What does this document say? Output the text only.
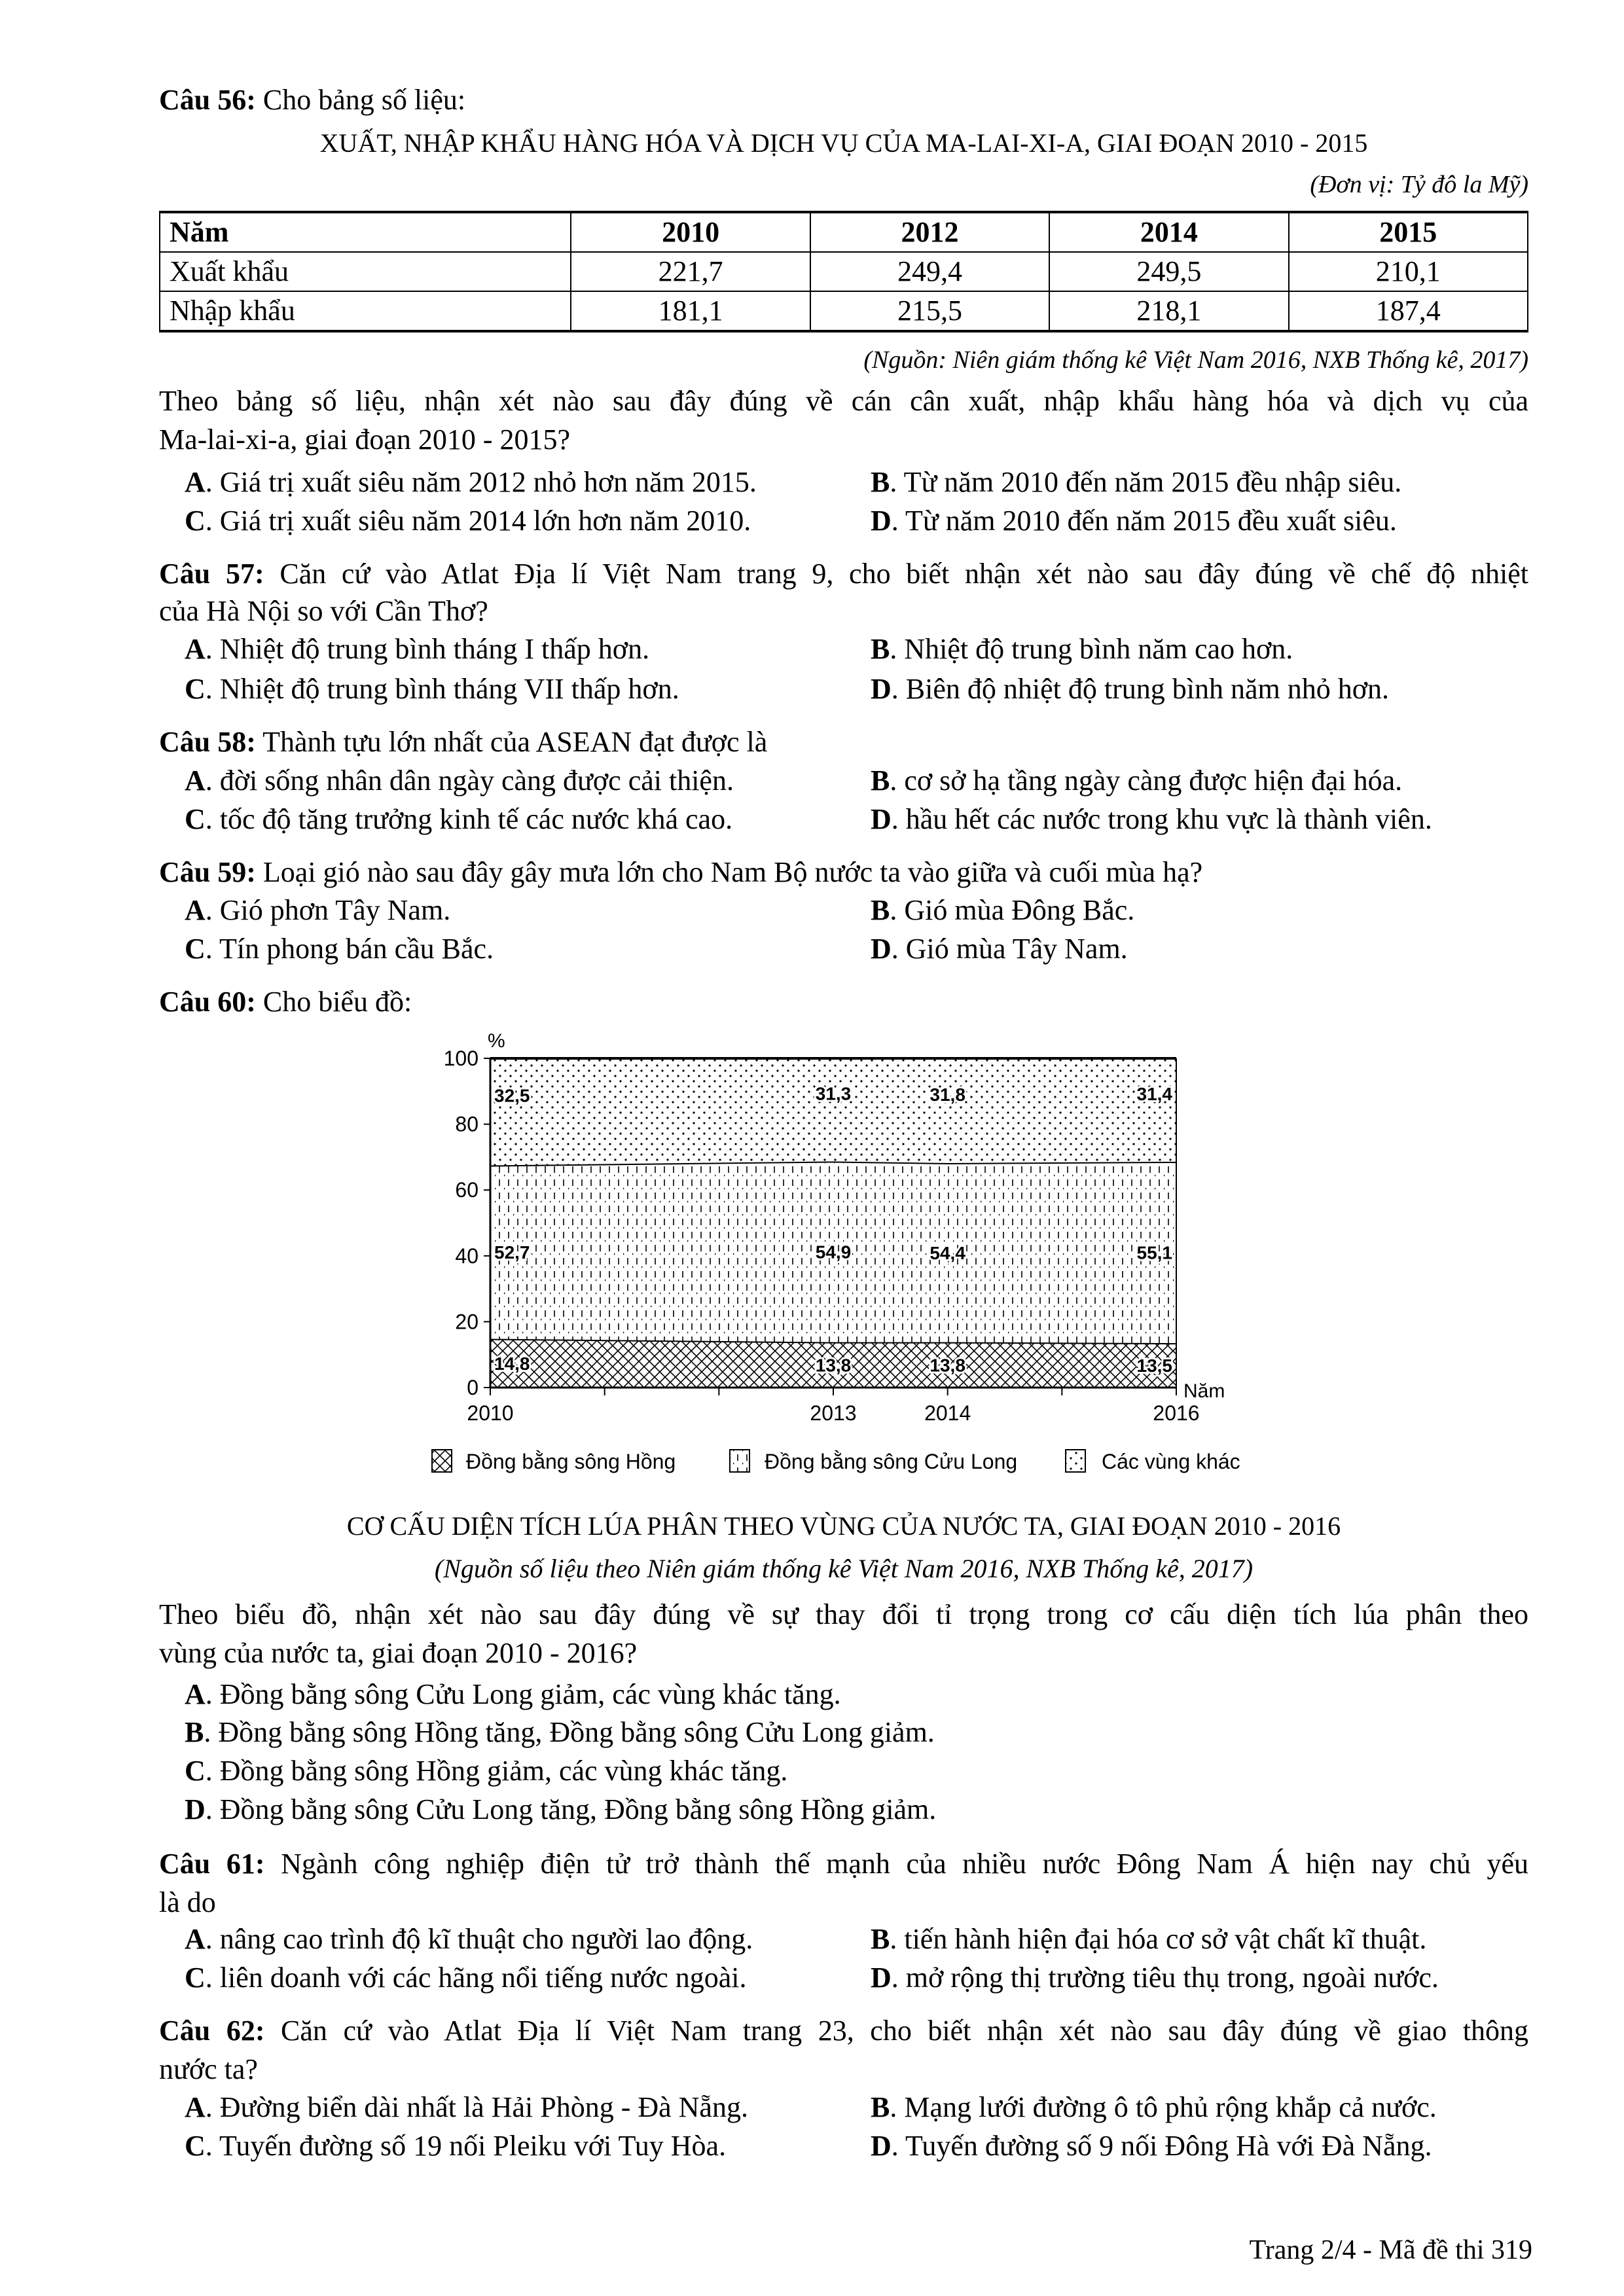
Câu 56: Cho bảng số liệu:
XUẤT, NHẬP KHẨU HÀNG HÓA VÀ DỊCH VỤ CỦA MA-LAI-XI-A, GIAI ĐOẠN 2010 - 2015
(Đơn vị: Tỷ đô la Mỹ)
Năm	2010	2012	2014	2015
Xuất khẩu	221,7	249,4	249,5	210,1
Nhập khẩu	181,1	215,5	218,1	187,4
(Nguồn: Niên giám thống kê Việt Nam 2016, NXB Thống kê, 2017)
Theo bảng số liệu, nhận xét nào sau đây đúng về cán cân xuất, nhập khẩu hàng hóa và dịch vụ của
Ma-lai-xi-a, giai đoạn 2010 - 2015?
A. Giá trị xuất siêu năm 2012 nhỏ hơn năm 2015.	B. Từ năm 2010 đến năm 2015 đều nhập siêu.
C. Giá trị xuất siêu năm 2014 lớn hơn năm 2010.	D. Từ năm 2010 đến năm 2015 đều xuất siêu.
Câu 57: Căn cứ vào Atlat Địa lí Việt Nam trang 9, cho biết nhận xét nào sau đây đúng về chế độ nhiệt
của Hà Nội so với Cần Thơ?
A. Nhiệt độ trung bình tháng I thấp hơn.	B. Nhiệt độ trung bình năm cao hơn.
C. Nhiệt độ trung bình tháng VII thấp hơn.	D. Biên độ nhiệt độ trung bình năm nhỏ hơn.
Câu 58: Thành tựu lớn nhất của ASEAN đạt được là
A. đời sống nhân dân ngày càng được cải thiện.	B. cơ sở hạ tầng ngày càng được hiện đại hóa.
C. tốc độ tăng trưởng kinh tế các nước khá cao.	D. hầu hết các nước trong khu vực là thành viên.
Câu 59: Loại gió nào sau đây gây mưa lớn cho Nam Bộ nước ta vào giữa và cuối mùa hạ?
A. Gió phơn Tây Nam.	B. Gió mùa Đông Bắc.
C. Tín phong bán cầu Bắc.	D. Gió mùa Tây Nam.
Câu 60: Cho biểu đồ:
0
20
40
60
80
100
2010	2013	2014	2016
14,8	13,8	13,8	13,5
52,7	54,9	54,4	55,1
32,5	31,3	31,8	31,4
%
Năm
Đồng bằng sông Hồng	Đồng bằng sông Cửu Long	Các vùng khác
CƠ CẤU DIỆN TÍCH LÚA PHÂN THEO VÙNG CỦA NƯỚC TA, GIAI ĐOẠN 2010 - 2016
(Nguồn số liệu theo Niên giám thống kê Việt Nam 2016, NXB Thống kê, 2017)
Theo biểu đồ, nhận xét nào sau đây đúng về sự thay đổi tỉ trọng trong cơ cấu diện tích lúa phân theo
vùng của nước ta, giai đoạn 2010 - 2016?
A. Đồng bằng sông Cửu Long giảm, các vùng khác tăng.
B. Đồng bằng sông Hồng tăng, Đồng bằng sông Cửu Long giảm.
C. Đồng bằng sông Hồng giảm, các vùng khác tăng.
D. Đồng bằng sông Cửu Long tăng, Đồng bằng sông Hồng giảm.
Câu 61: Ngành công nghiệp điện tử trở thành thế mạnh của nhiều nước Đông Nam Á hiện nay chủ yếu
là do
A. nâng cao trình độ kĩ thuật cho người lao động.	B. tiến hành hiện đại hóa cơ sở vật chất kĩ thuật.
C. liên doanh với các hãng nổi tiếng nước ngoài.	D. mở rộng thị trường tiêu thụ trong, ngoài nước.
Câu 62: Căn cứ vào Atlat Địa lí Việt Nam trang 23, cho biết nhận xét nào sau đây đúng về giao thông
nước ta?
A. Đường biển dài nhất là Hải Phòng - Đà Nẵng.	B. Mạng lưới đường ô tô phủ rộng khắp cả nước.
C. Tuyến đường số 19 nối Pleiku với Tuy Hòa.	D. Tuyến đường số 9 nối Đông Hà với Đà Nẵng.
Trang 2/4 - Mã đề thi 319
